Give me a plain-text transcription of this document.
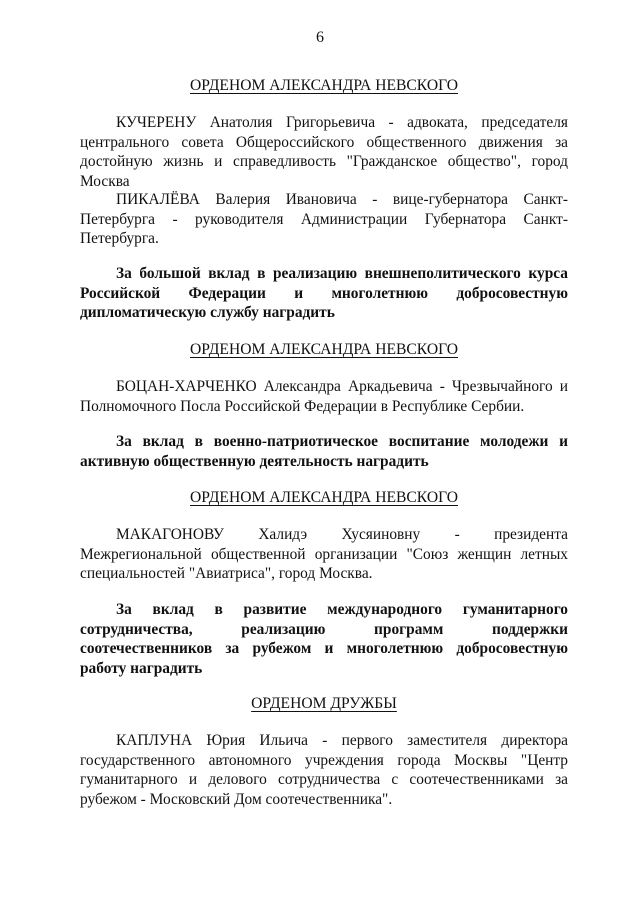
6
ОРДЕНОМ АЛЕКСАНДРА НЕВСКОГО
КУЧЕРЕНУ Анатолия Григорьевича - адвоката, председателя центрального совета Общероссийского общественного движения за достойную жизнь и справедливость "Гражданское общество", город Москва
ПИКАЛЁВА Валерия Ивановича - вице-губернатора Санкт-Петербурга - руководителя Администрации Губернатора Санкт-Петербурга.
За большой вклад в реализацию внешнеполитического курса Российской Федерации и многолетнюю добросовестную дипломатическую службу наградить
ОРДЕНОМ АЛЕКСАНДРА НЕВСКОГО
БОЦАН-ХАРЧЕНКО Александра Аркадьевича - Чрезвычайного и Полномочного Посла Российской Федерации в Республике Сербии.
За вклад в военно-патриотическое воспитание молодежи и активную общественную деятельность наградить
ОРДЕНОМ АЛЕКСАНДРА НЕВСКОГО
МАКАГОНОВУ Халидэ Хусяиновну - президента Межрегиональной общественной организации "Союз женщин летных специальностей "Авиатриса", город Москва.
За вклад в развитие международного гуманитарного сотрудничества, реализацию программ поддержки соотечественников за рубежом и многолетнюю добросовестную работу наградить
ОРДЕНОМ ДРУЖБЫ
КАПЛУНА Юрия Ильича - первого заместителя директора государственного автономного учреждения города Москвы "Центр гуманитарного и делового сотрудничества с соотечественниками за рубежом - Московский Дом соотечественника".
